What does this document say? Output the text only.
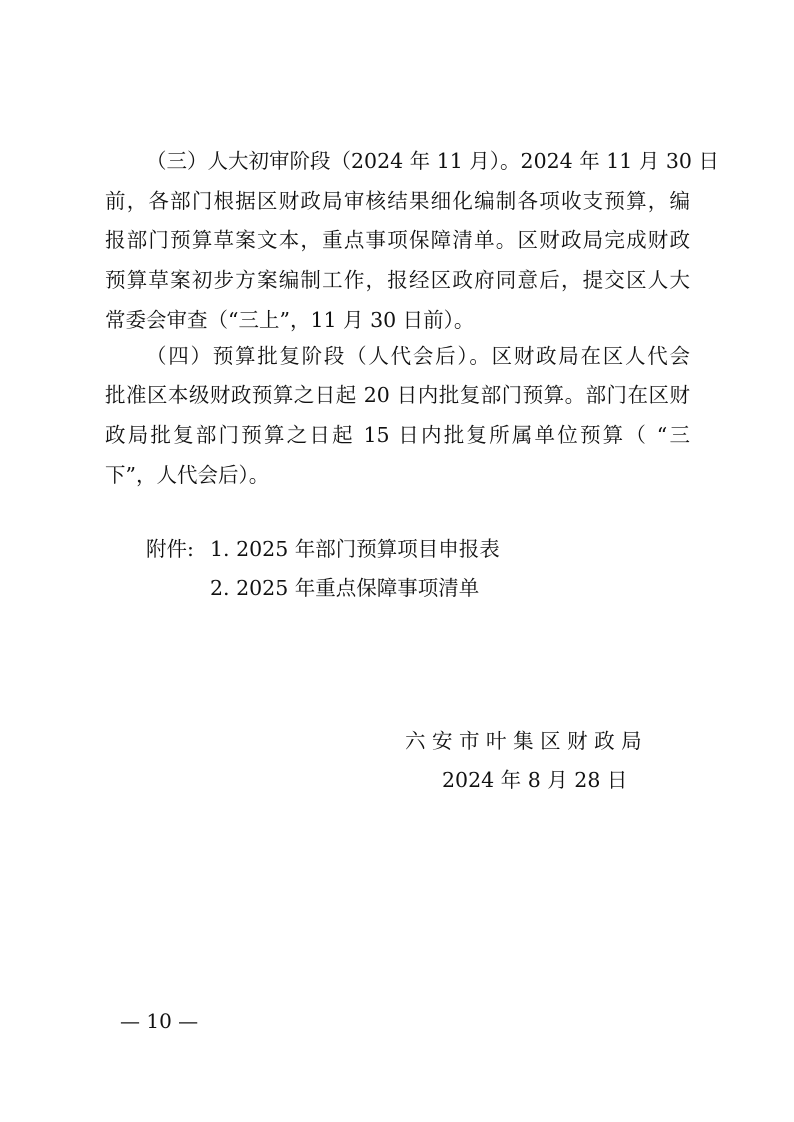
（三）人大初审阶段（2024 年 11 月）。2024 年 11 月 30 日
前，各部门根据区财政局审核结果细化编制各项收支预算，编
报部门预算草案文本，重点事项保障清单。区财政局完成财政
预算草案初步方案编制工作，报经区政府同意后，提交区人大
常委会审查（“三上”，11 月 30 日前）。
（四）预算批复阶段（人代会后）。区财政局在区人代会
批准区本级财政预算之日起 20 日内批复部门预算。部门在区财
政局批复部门预算之日起 15 日内批复所属单位预算（ “三
下”，人代会后）。
附件: 1. 2025 年部门预算项目申报表
2. 2025 年重点保障事项清单
六 安 市 叶 集 区 财 政 局
2024 年 8 月 28 日
— 10 —
